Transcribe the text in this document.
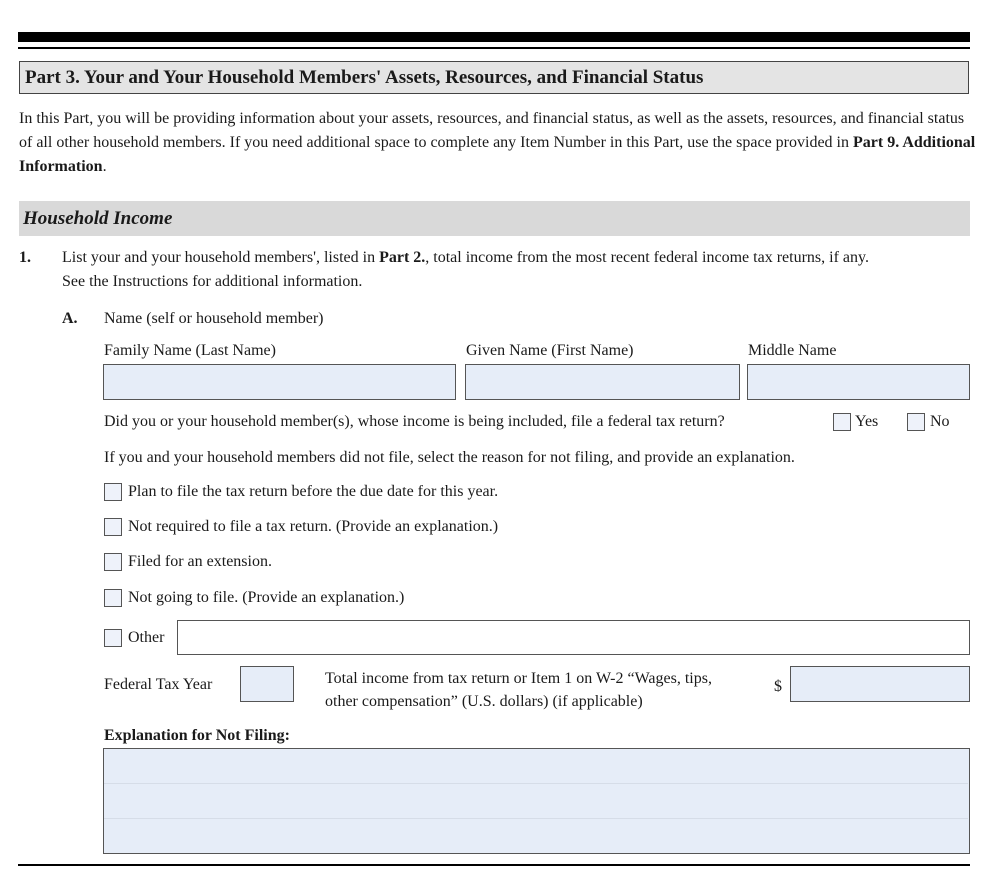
Part 3. Your and Your Household Members' Assets, Resources, and Financial Status
In this Part, you will be providing information about your assets, resources, and financial status, as well as the assets, resources, and financial status of all other household members. If you need additional space to complete any Item Number in this Part, use the space provided in Part 9. Additional Information.
Household Income
1. List your and your household members', listed in Part 2., total income from the most recent federal income tax returns, if any.
See the Instructions for additional information.
A. Name (self or household member)
Family Name (Last Name)	Given Name (First Name)	Middle Name
Did you or your household member(s), whose income is being included, file a federal tax return?	Yes	No
If you and your household members did not file, select the reason for not filing, and provide an explanation.
Plan to file the tax return before the due date for this year.
Not required to file a tax return. (Provide an explanation.)
Filed for an extension.
Not going to file. (Provide an explanation.)
Other
Federal Tax Year	Total income from tax return or Item 1 on W-2 “Wages, tips,
other compensation” (U.S. dollars) (if applicable)
$
Explanation for Not Filing:
